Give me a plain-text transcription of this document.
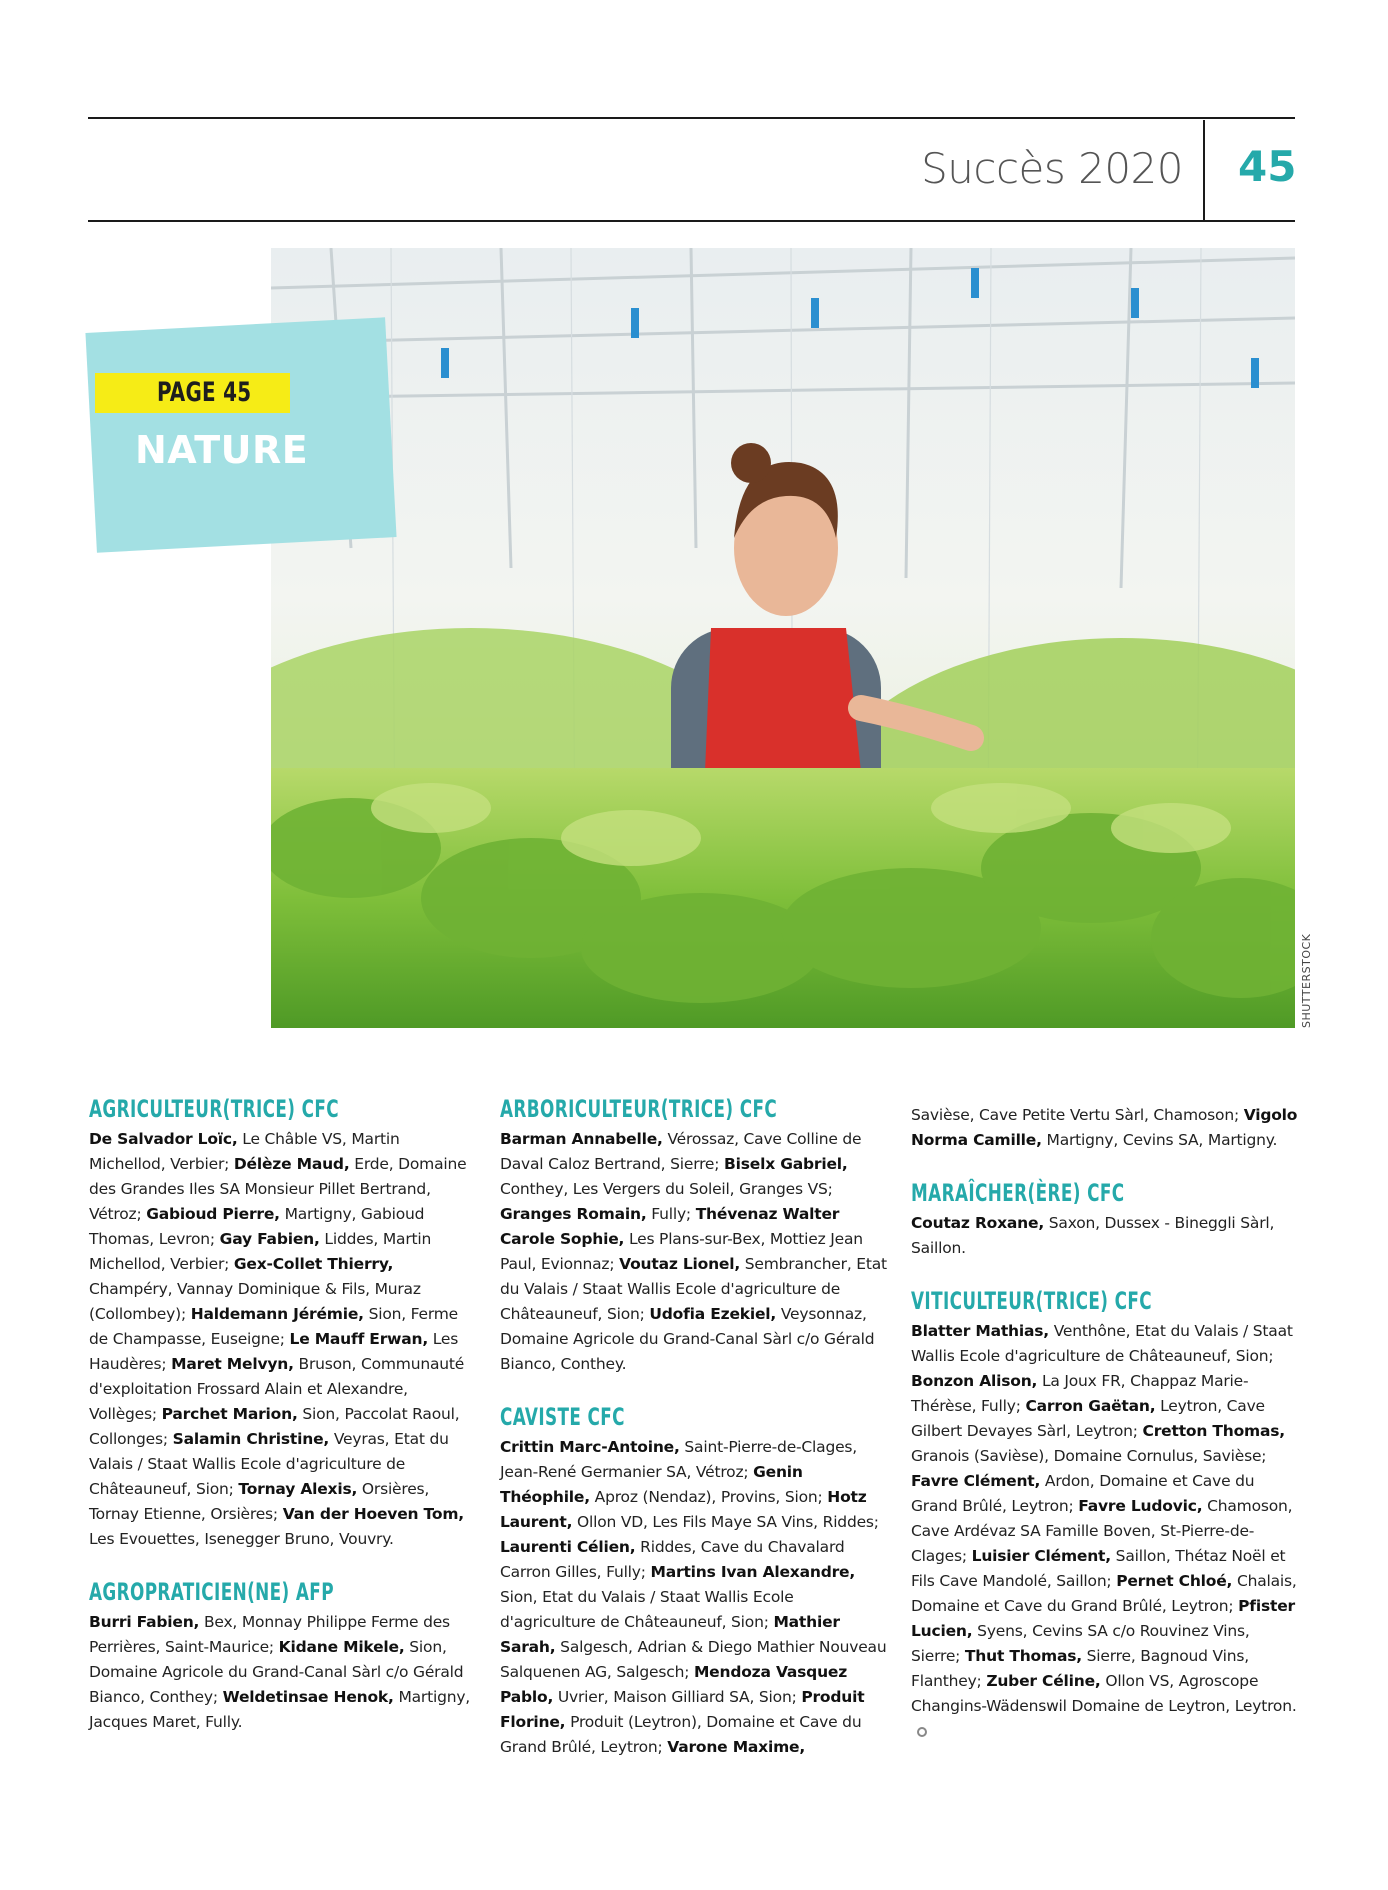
Succès 2020 45
SHUTTERSTOCK
PAGE 45
NATURE
AGRICULTEUR(TRICE) CFC

De Salvador Loïc, Le Châble VS, Martin Michellod, Verbier; Délèze Maud, Erde, Domaine des Grandes Iles SA Monsieur Pillet Bertrand, Vétroz; Gabioud Pierre, Martigny, Gabioud Thomas, Levron; Gay Fabien, Liddes, Martin Michellod, Verbier; Gex-Collet Thierry, Champéry, Vannay Dominique & Fils, Muraz (Collombey); Haldemann Jérémie, Sion, Ferme de Champasse, Euseigne; Le Mauff Erwan, Les Haudères; Maret Melvyn, Bruson, Communauté d'exploitation Frossard Alain et Alexandre, Vollèges; Parchet Marion, Sion, Paccolat Raoul, Collonges; Salamin Christine, Veyras, Etat du Valais / Staat Wallis Ecole d'agriculture de Châteauneuf, Sion; Tornay Alexis, Orsières, Tornay Etienne, Orsières; Van der Hoeven Tom, Les Evouettes, Isenegger Bruno, Vouvry.

AGROPRATICIEN(NE) AFP

Burri Fabien, Bex, Monnay Philippe Ferme des Perrières, Saint-Maurice; Kidane Mikele, Sion, Domaine Agricole du Grand-Canal Sàrl c/o Gérald Bianco, Conthey; Weldetinsae Henok, Martigny, Jacques Maret, Fully.

ARBORICULTEUR(TRICE) CFC

Barman Annabelle, Vérossaz, Cave Colline de Daval Caloz Bertrand, Sierre; Biselx Gabriel, Conthey, Les Vergers du Soleil, Granges VS; Granges Romain, Fully; Thévenaz Walter Carole Sophie, Les Plans-sur-Bex, Mottiez Jean Paul, Evionnaz; Voutaz Lionel, Sembrancher, Etat du Valais / Staat Wallis Ecole d'agriculture de Châteauneuf, Sion; Udofia Ezekiel, Veysonnaz, Domaine Agricole du Grand-Canal Sàrl c/o Gérald Bianco, Conthey.

CAVISTE CFC

Crittin Marc-Antoine, Saint-Pierre-de-Clages, Jean-René Germanier SA, Vétroz; Genin Théophile, Aproz (Nendaz), Provins, Sion; Hotz Laurent, Ollon VD, Les Fils Maye SA Vins, Riddes; Laurenti Célien, Riddes, Cave du Chavalard Carron Gilles, Fully; Martins Ivan Alexandre, Sion, Etat du Valais / Staat Wallis Ecole d'agriculture de Châteauneuf, Sion; Mathier Sarah, Salgesch, Adrian & Diego Mathier Nouveau Salquenen AG, Salgesch; Mendoza Vasquez Pablo, Uvrier, Maison Gilliard SA, Sion; Produit Florine, Produit (Leytron), Domaine et Cave du Grand Brûlé, Leytron; Varone Maxime,

Savièse, Cave Petite Vertu Sàrl, Chamoson; Vigolo Norma Camille, Martigny, Cevins SA, Martigny.

MARAÎCHER(ÈRE) CFC

Coutaz Roxane, Saxon, Dussex - Bineggli Sàrl, Saillon.

VITICULTEUR(TRICE) CFC

Blatter Mathias, Venthône, Etat du Valais / Staat Wallis Ecole d'agriculture de Châteauneuf, Sion; Bonzon Alison, La Joux FR, Chappaz Marie-Thérèse, Fully; Carron Gaëtan, Leytron, Cave Gilbert Devayes Sàrl, Leytron; Cretton Thomas, Granois (Savièse), Domaine Cornulus, Savièse; Favre Clément, Ardon, Domaine et Cave du Grand Brûlé, Leytron; Favre Ludovic, Chamoson, Cave Ardévaz SA Famille Boven, St-Pierre-de-Clages; Luisier Clément, Saillon, Thétaz Noël et Fils Cave Mandolé, Saillon; Pernet Chloé, Chalais, Domaine et Cave du Grand Brûlé, Leytron; Pfister Lucien, Syens, Cevins SA c/o Rouvinez Vins, Sierre; Thut Thomas, Sierre, Bagnoud Vins, Flanthey; Zuber Céline, Ollon VS, Agroscope Changins-Wädenswil Domaine de Leytron, Leytron.
